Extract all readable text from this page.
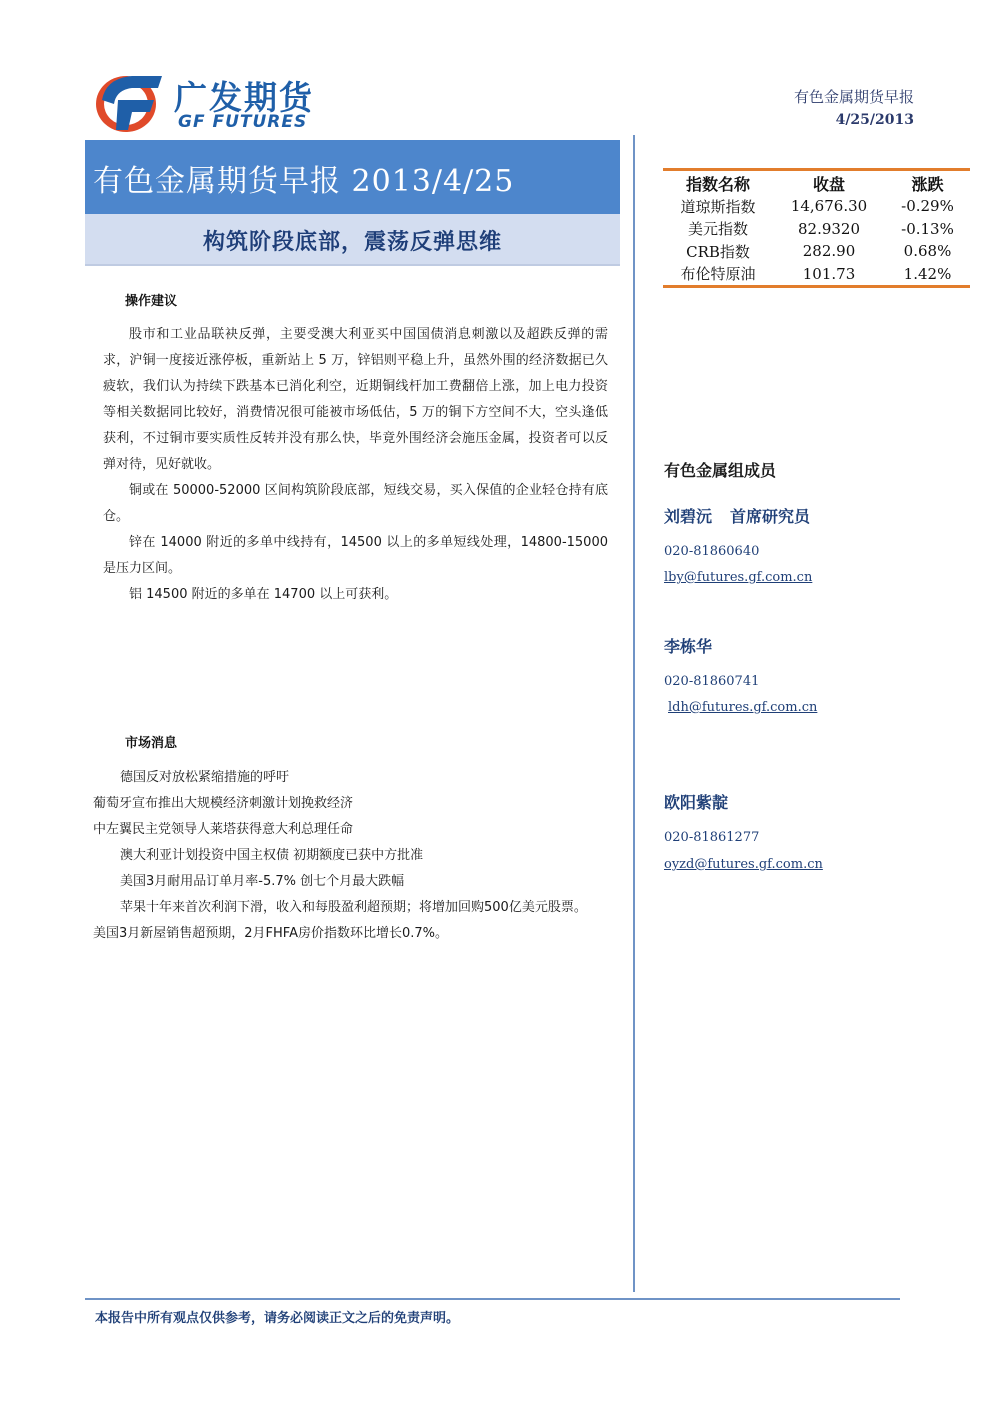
广发期货
GF FUTURES
有色金属期货早报
4/25/2013
有色金属期货早报 2013/4/25
构筑阶段底部，震荡反弹思维
指数名称	收盘	涨跌
道琼斯指数	14,676.30	-0.29%
美元指数	82.9320	-0.13%
CRB指数	282.90	0.68%
布伦特原油	101.73	1.42%
操作建议

股市和工业品联袂反弹，主要受澳大利亚买中国国债消息刺激以及超跌反弹的需求，沪铜一度接近涨停板，重新站上 5 万，锌铝则平稳上升，虽然外围的经济数据已久疲软，我们认为持续下跌基本已消化利空，近期铜线杆加工费翻倍上涨，加上电力投资等相关数据同比较好，消费情况很可能被市场低估，5 万的铜下方空间不大，空头逢低获利，不过铜市要实质性反转并没有那么快，毕竟外围经济会施压金属，投资者可以反弹对待，见好就收。

铜或在 50000-52000 区间构筑阶段底部，短线交易，买入保值的企业轻仓持有底仓。

锌在 14000 附近的多单中线持有，14500 以上的多单短线处理，14800-15000 是压力区间。

铝 14500 附近的多单在 14700 以上可获利。

市场消息
德国反对放松紧缩措施的呼吁
葡萄牙宣布推出大规模经济刺激计划挽救经济
中左翼民主党领导人莱塔获得意大利总理任命
澳大利亚计划投资中国主权债 初期额度已获中方批准
美国3月耐用品订单月率-5.7% 创七个月最大跌幅
苹果十年来首次利润下滑，收入和每股盈利超预期；将增加回购500亿美元股票。
美国3月新屋销售超预期，2月FHFA房价指数环比增长0.7%。
有色金属组成员
刘碧沅 首席研究员
020-81860640
lby@futures.gf.com.cn
李栋华
020-81860741
ldh@futures.gf.com.cn
欧阳紫靛
020-81861277
oyzd@futures.gf.com.cn
本报告中所有观点仅供参考，请务必阅读正文之后的免责声明。
